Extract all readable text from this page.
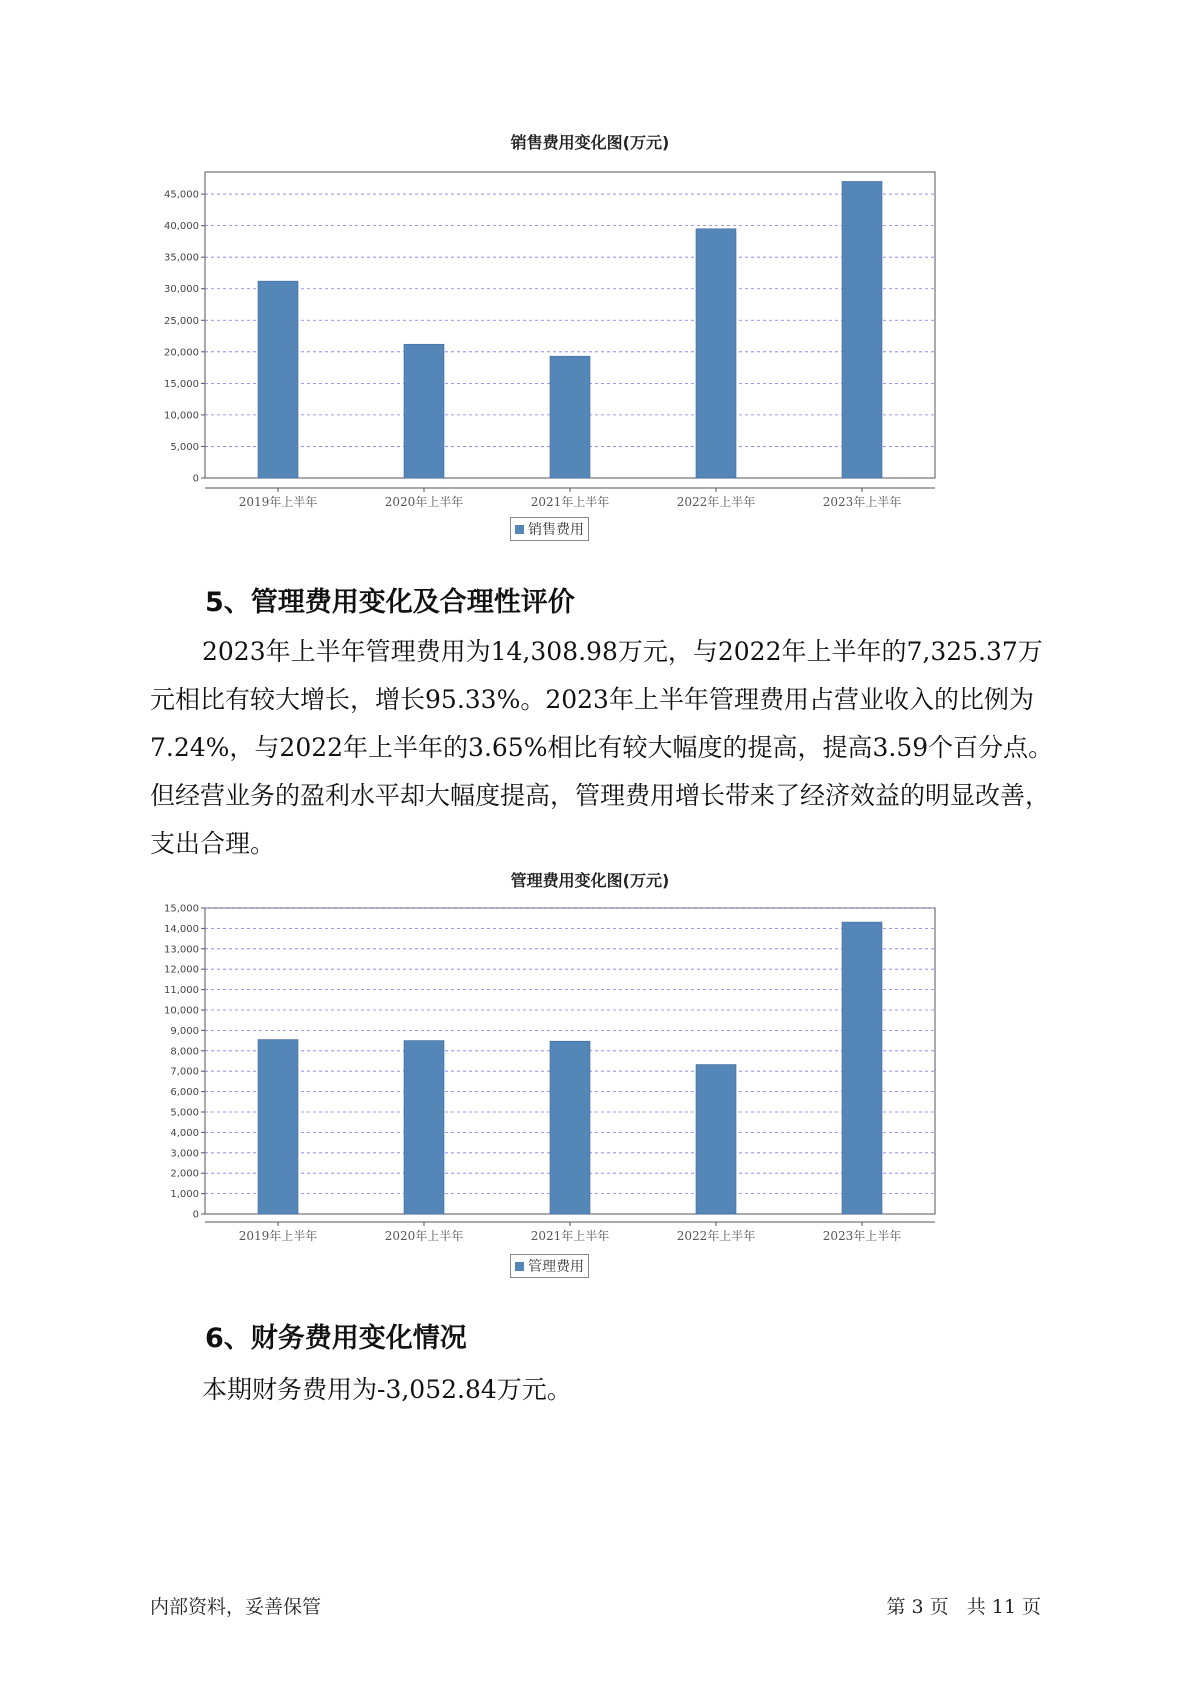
销售费用变化图(万元)
0
5,000
10,000
15,000
20,000
25,000
30,000
35,000
40,000
45,000
2019年上半年	2020年上半年	2021年上半年	2022年上半年	2023年上半年
销售费用
5、管理费用变化及合理性评价

2023年上半年管理费用为14,308.98万元，与2022年上半年的7,325.37万元相比有较大增长，增长95.33%。2023年上半年管理费用占营业收入的比例为7.24%，与2022年上半年的3.65%相比有较大幅度的提高，提高3.59个百分点。但经营业务的盈利水平却大幅度提高，管理费用增长带来了经济效益的明显改善，支出合理。

管理费用变化图(万元)
0
1,000
2,000
3,000
4,000
5,000
6,000
7,000
8,000
9,000
10,000
11,000
12,000
13,000
14,000
15,000
2019年上半年	2020年上半年	2021年上半年	2022年上半年	2023年上半年
管理费用
6、财务费用变化情况

本期财务费用为-3,052.84万元。

内部资料，妥善保管	第 3 页   共 11 页
